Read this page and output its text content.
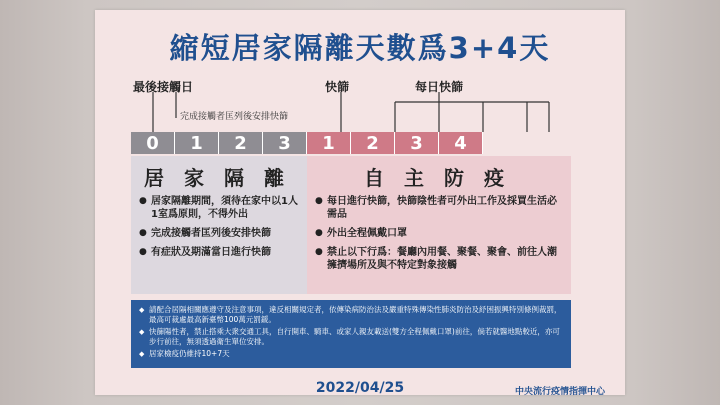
縮短居家隔離天數爲3+4天
最後接觸日
完成接觸者匡列後安排快篩
快篩	每日快篩
0	1	2	3	1	2	3	4
居家隔離
● 居家隔離期間，須待在家中以1人1室爲原則，不得外出
● 完成接觸者匡列後安排快篩
● 有症狀及期滿當日進行快篩
自主防疫
● 每日進行快篩，快篩陰性者可外出工作及採買生活必需品
● 外出全程佩戴口罩
● 禁止以下行爲：餐廳內用餐、聚餐、聚會、前往人潮擁擠場所及與不特定對象接觸
◆ 請配合居隔相關應遵守及注意事項，違反相關規定者，依傳染病防治法及嚴重特殊傳染性肺炎防治及紓困振興特別條例裁罰，最高可裁處最高新臺幣100萬元罰鍰。
◆ 快篩陽性者，禁止搭乘大衆交通工具，自行開車、騎車、或家人親友載送(雙方全程佩戴口罩)前往，倘若就醫地點較近，亦可步行前往，無須透過衛生單位安排。
◆ 居家檢疫仍維持10+7天
2022/04/25	中央流行疫情指揮中心
